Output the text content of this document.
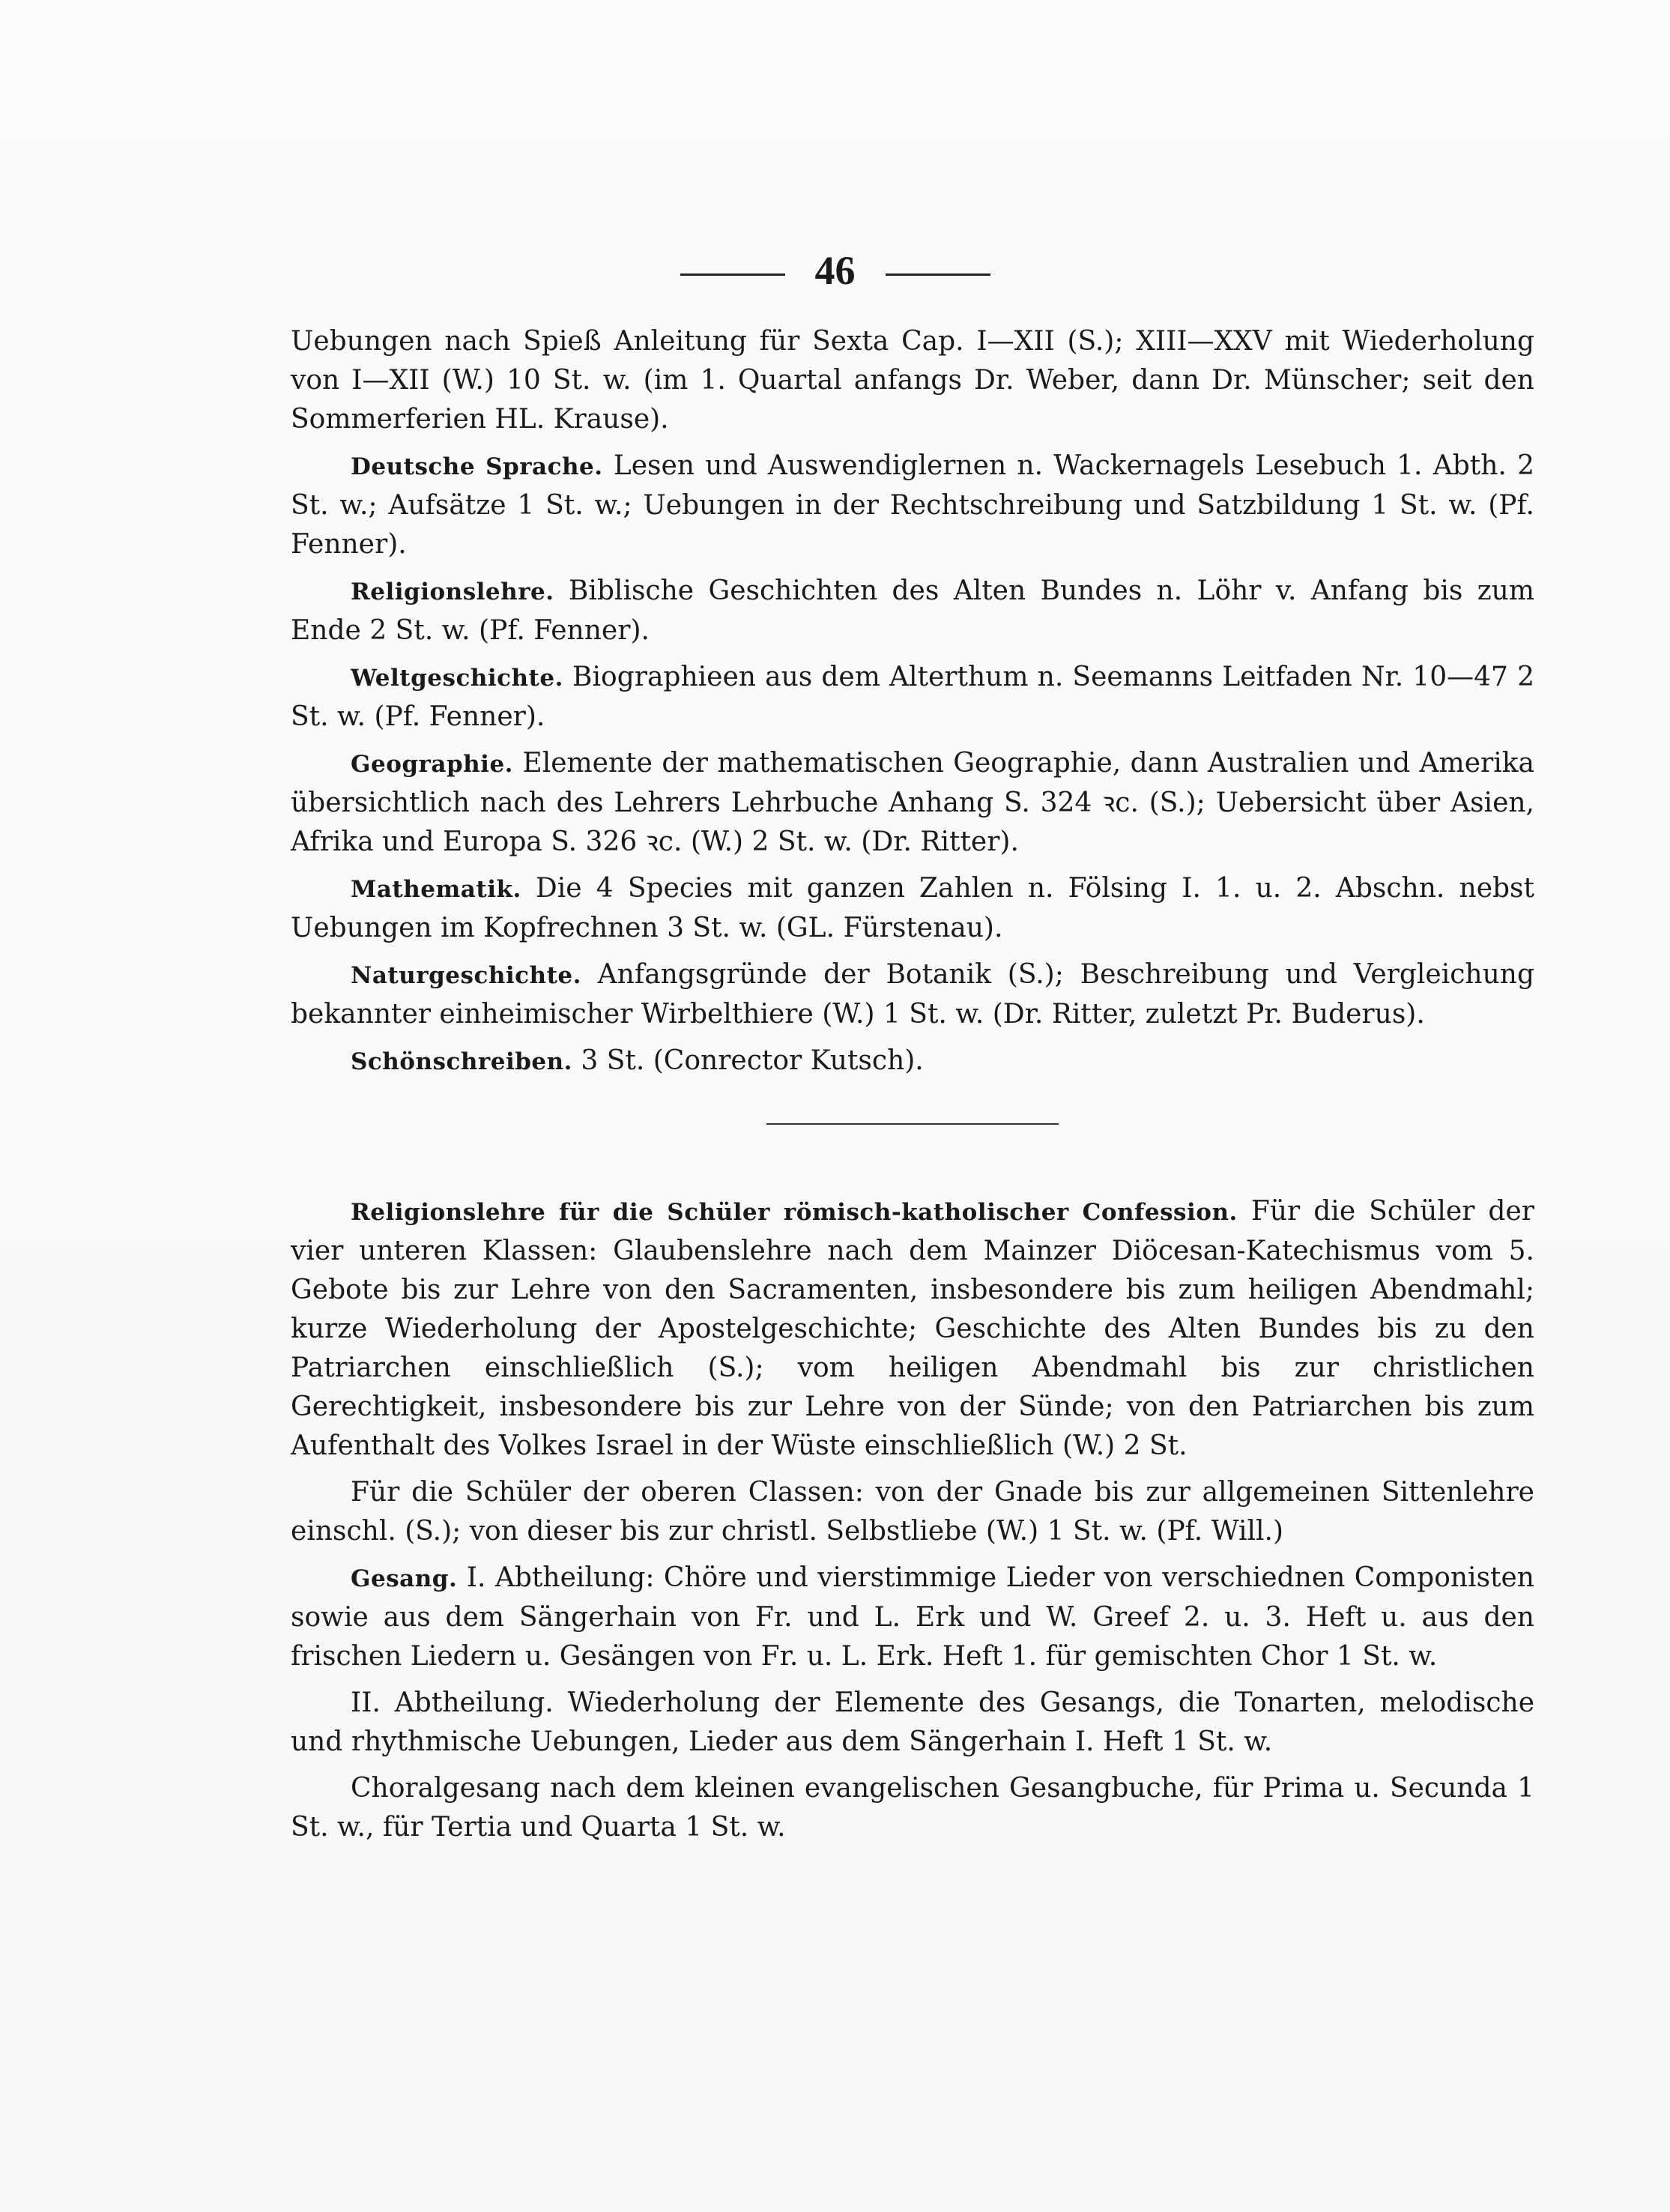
46

Uebungen nach Spieß Anleitung für Sexta Cap. I—XII (S.); XIII—XXV mit Wiederholung von I—XII (W.) 10 St. w. (im 1. Quartal anfangs Dr. Weber, dann Dr. Münscher; seit den Sommerferien HL. Krause).

Deutsche Sprache. Lesen und Auswendiglernen n. Wackernagels Lesebuch 1. Abth. 2 St. w.; Aufsätze 1 St. w.; Uebungen in der Rechtschreibung und Satzbildung 1 St. w. (Pf. Fenner).

Religionslehre. Biblische Geschichten des Alten Bundes n. Löhr v. Anfang bis zum Ende 2 St. w. (Pf. Fenner).

Weltgeschichte. Biographieen aus dem Alterthum n. Seemanns Leitfaden Nr. 10—47 2 St. w. (Pf. Fenner).

Geographie. Elemente der mathematischen Geographie, dann Australien und Amerika übersichtlich nach des Lehrers Lehrbuche Anhang S. 324 ꝛc. (S.); Uebersicht über Asien, Afrika und Europa S. 326 ꝛc. (W.) 2 St. w. (Dr. Ritter).

Mathematik. Die 4 Species mit ganzen Zahlen n. Fölsing I. 1. u. 2. Abschn. nebst Uebungen im Kopfrechnen 3 St. w. (GL. Fürstenau).

Naturgeschichte. Anfangsgründe der Botanik (S.); Beschreibung und Vergleichung bekannter einheimischer Wirbelthiere (W.) 1 St. w. (Dr. Ritter, zuletzt Pr. Buderus).

Schönschreiben. 3 St. (Conrector Kutsch).

Religionslehre für die Schüler römisch-katholischer Confession. Für die Schüler der vier unteren Klassen: Glaubenslehre nach dem Mainzer Diöcesan-Katechismus vom 5. Gebote bis zur Lehre von den Sacramenten, insbesondere bis zum heiligen Abendmahl; kurze Wiederholung der Apostelgeschichte; Geschichte des Alten Bundes bis zu den Patriarchen einschließlich (S.); vom heiligen Abendmahl bis zur christlichen Gerechtigkeit, insbesondere bis zur Lehre von der Sünde; von den Patriarchen bis zum Aufenthalt des Volkes Israel in der Wüste einschließlich (W.) 2 St.

Für die Schüler der oberen Classen: von der Gnade bis zur allgemeinen Sittenlehre einschl. (S.); von dieser bis zur christl. Selbstliebe (W.) 1 St. w. (Pf. Will.)

Gesang. I. Abtheilung: Chöre und vierstimmige Lieder von verschiednen Componisten sowie aus dem Sängerhain von Fr. und L. Erk und W. Greef 2. u. 3. Heft u. aus den frischen Liedern u. Gesängen von Fr. u. L. Erk. Heft 1. für gemischten Chor 1 St. w.

II. Abtheilung. Wiederholung der Elemente des Gesangs, die Tonarten, melodische und rhythmische Uebungen, Lieder aus dem Sängerhain I. Heft 1 St. w.

Choralgesang nach dem kleinen evangelischen Gesangbuche, für Prima u. Secunda 1 St. w., für Tertia und Quarta 1 St. w.
